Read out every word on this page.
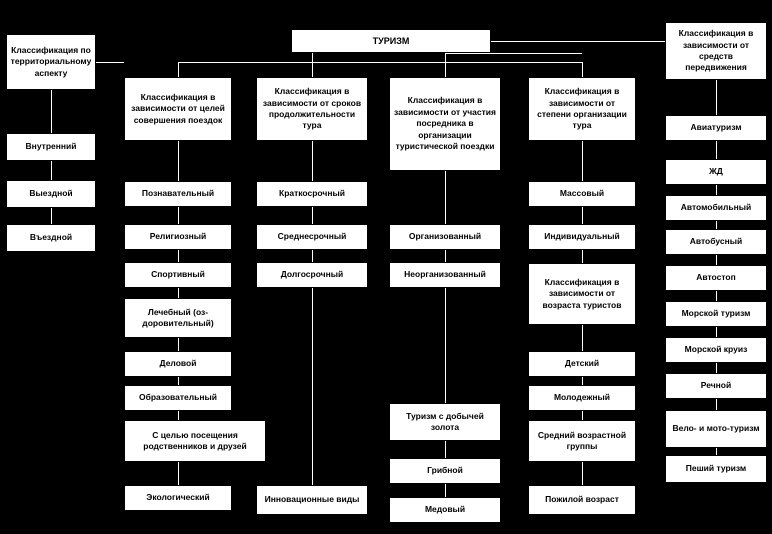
ТУРИЗМ
Классификация по территориальному аспекту
Внутренний
Выездной
Въездной
Классификация в зависимости от целей совершения поездок
Познавательный
Религиозный
Спортивный
Лечебный (оз-доровительный)
Деловой
Образовательный
С целью посещения родственников и друзей
Экологический
Классификация в зависимости от сроков продолжительности тура
Краткосрочный
Среднесрочный
Долгосрочный
Инновационные виды
Классификация в зависимости от участия посредника в организации туристической поездки
Организованный
Неорганизованный
Туризм с добычей золота
Грибной
Медовый
Классификация в зависимости от степени организации тура
Массовый
Индивидуальный
Классификация в зависимости от возраста туристов
Детский
Молодежный
Средний возрастной группы
Пожилой возраст
Классификация в зависимости от средств передвижения
Авиатуризм
ЖД
Автомобильный
Автобусный
Автостоп
Морской туризм
Морской круиз
Речной
Вело- и мото-туризм
Пеший туризм
